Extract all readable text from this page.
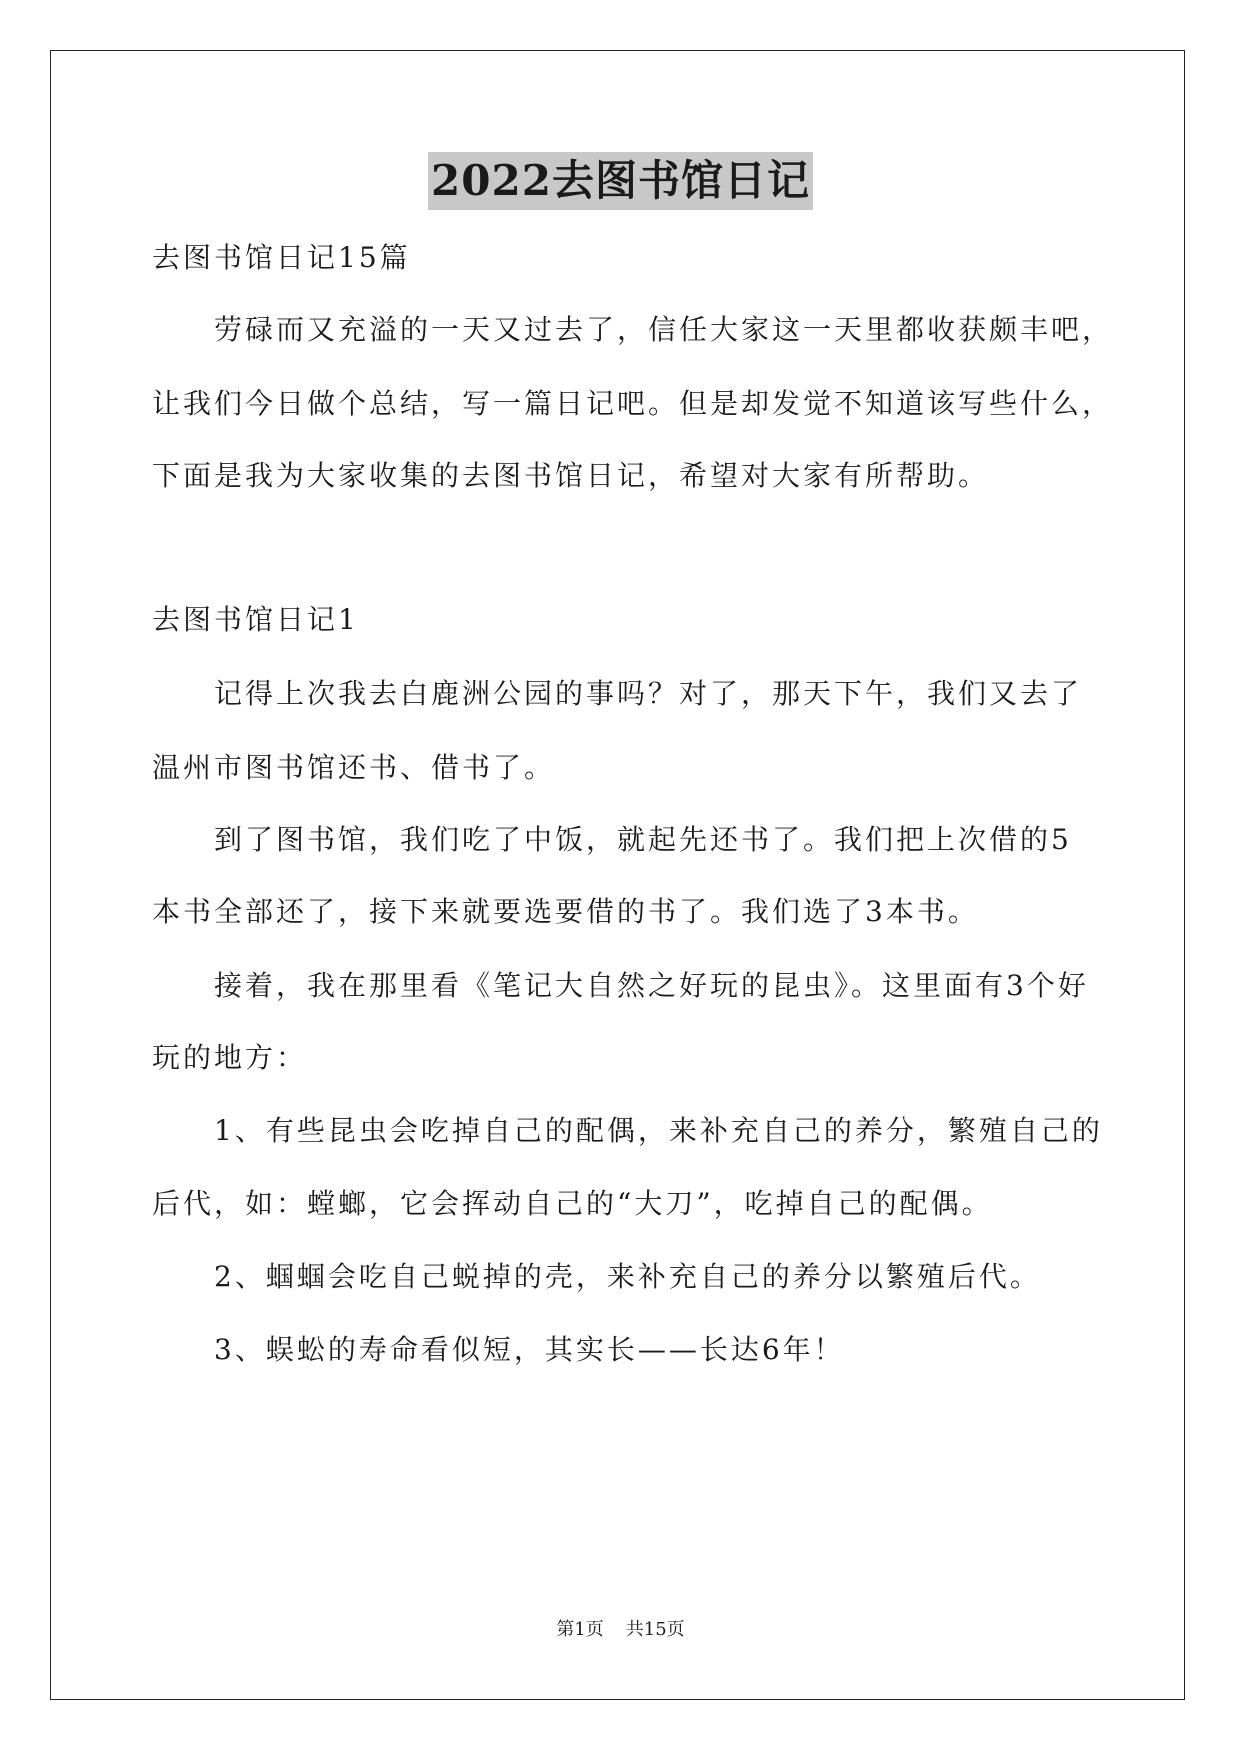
2022去图书馆日记
去图书馆日记15篇
劳碌而又充溢的一天又过去了，信任大家这一天里都收获颇丰吧，
让我们今日做个总结，写一篇日记吧。但是却发觉不知道该写些什么，
下面是我为大家收集的去图书馆日记，希望对大家有所帮助。
去图书馆日记1
记得上次我去白鹿洲公园的事吗？对了，那天下午，我们又去了
温州市图书馆还书、借书了。
到了图书馆，我们吃了中饭，就起先还书了。我们把上次借的5
本书全部还了，接下来就要选要借的书了。我们选了3本书。
接着，我在那里看《笔记大自然之好玩的昆虫》。这里面有3个好
玩的地方：
1、有些昆虫会吃掉自己的配偶，来补充自己的养分，繁殖自己的
后代，如：螳螂，它会挥动自己的“大刀”，吃掉自己的配偶。
2、蝈蝈会吃自己蜕掉的壳，来补充自己的养分以繁殖后代。
3、蜈蚣的寿命看似短，其实长——长达6年！
第1页 共15页
